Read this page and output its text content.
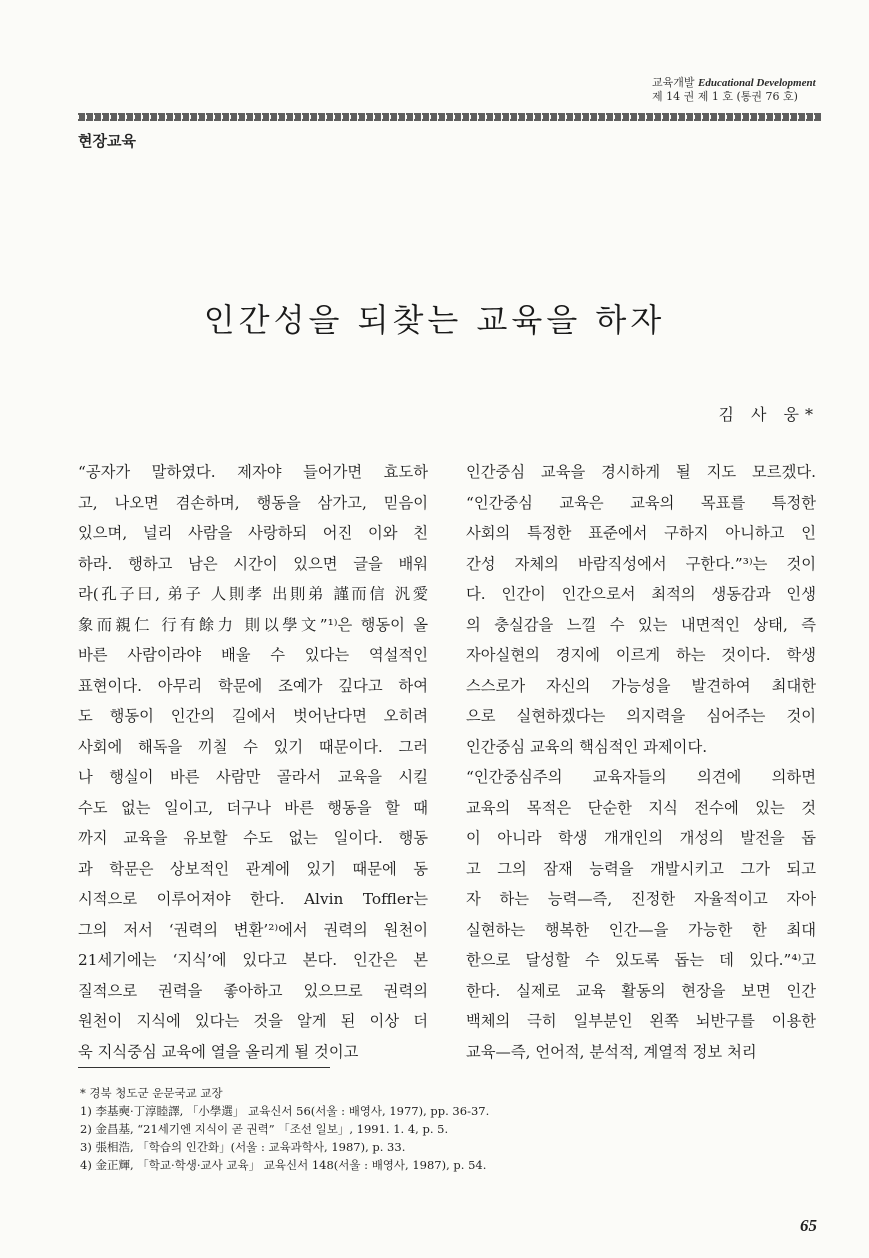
교육개발 Educational Development
제 14 권 제 1 호 (통권 76 호)
현장교육
인간성을 되찾는 교육을 하자
김 사 웅*
“공자가 말하였다. 제자야 들어가면 효도하
고, 나오면 겸손하며, 행동을 삼가고, 믿음이
있으며, 널리 사람을 사랑하되 어진 이와 친
하라. 행하고 남은 시간이 있으면 글을 배워
라(孔子曰, 弟子 人則孝 出則弟 謹而信 汎愛
象而親仁 行有餘力 則以學文”¹⁾은 행동이 올
바른 사람이라야 배울 수 있다는 역설적인
표현이다. 아무리 학문에 조예가 깊다고 하여
도 행동이 인간의 길에서 벗어난다면 오히려
사회에 해독을 끼칠 수 있기 때문이다. 그러
나 행실이 바른 사람만 골라서 교육을 시킬
수도 없는 일이고, 더구나 바른 행동을 할 때
까지 교육을 유보할 수도 없는 일이다. 행동
과 학문은 상보적인 관계에 있기 때문에 동
시적으로 이루어져야 한다. Alvin Toffler는
그의 저서 ‘권력의 변환’²⁾에서 권력의 원천이
21세기에는 ‘지식’에 있다고 본다. 인간은 본
질적으로 권력을 좋아하고 있으므로 권력의
원천이 지식에 있다는 것을 알게 된 이상 더
욱 지식중심 교육에 열을 올리게 될 것이고
인간중심 교육을 경시하게 될 지도 모르겠다.
“인간중심 교육은 교육의 목표를 특정한
사회의 특정한 표준에서 구하지 아니하고 인
간성 자체의 바람직성에서 구한다.”³⁾는 것이
다. 인간이 인간으로서 최적의 생동감과 인생
의 충실감을 느낄 수 있는 내면적인 상태, 즉
자아실현의 경지에 이르게 하는 것이다. 학생
스스로가 자신의 가능성을 발견하여 최대한
으로 실현하겠다는 의지력을 심어주는 것이
인간중심 교육의 핵심적인 과제이다.
“인간중심주의 교육자들의 의견에 의하면
교육의 목적은 단순한 지식 전수에 있는 것
이 아니라 학생 개개인의 개성의 발전을 돕
고 그의 잠재 능력을 개발시키고 그가 되고
자 하는 능력—즉, 진정한 자율적이고 자아
실현하는 행복한 인간—을 가능한 한 최대
한으로 달성할 수 있도록 돕는 데 있다.”⁴⁾고
한다. 실제로 교육 활동의 현장을 보면 인간
백체의 극히 일부분인 왼쪽 뇌반구를 이용한
교육—즉, 언어적, 분석적, 계열적 정보 처리
* 경북 청도군 운문국교 교장
1) 李基奭·丁淳睦譯, 「小學選」 교육신서 56(서울 : 배영사, 1977), pp. 36-37.
2) 金昌基, “21세기엔 지식이 곧 권력” 「조선 일보」, 1991. 1. 4, p. 5.
3) 張相浩, 「학습의 인간화」(서울 : 교육과학사, 1987), p. 33.
4) 金正輝, 「학교·학생·교사 교육」 교육신서 148(서울 : 배영사, 1987), p. 54.
65
